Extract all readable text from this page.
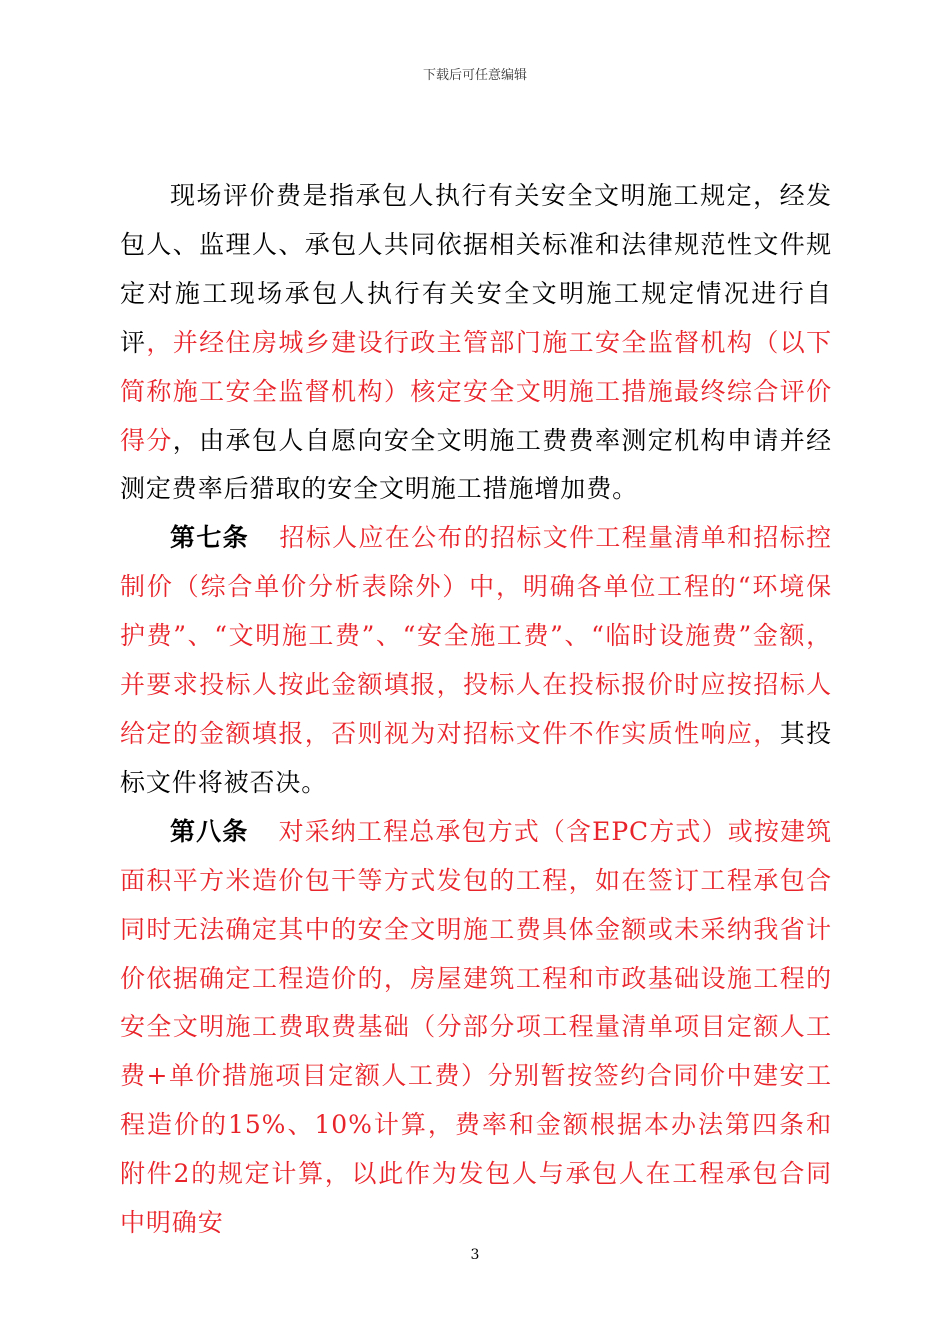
下载后可任意编辑

现场评价费是指承包人执行有关安全文明施工规定，经发包人、监理人、承包人共同依据相关标准和法律规范性文件规定对施工现场承包人执行有关安全文明施工规定情况进行自评，并经住房城乡建设行政主管部门施工安全监督机构（以下简称施工安全监督机构）核定安全文明施工措施最终综合评价得分，由承包人自愿向安全文明施工费费率测定机构申请并经测定费率后猎取的安全文明施工措施增加费。

第七条 招标人应在公布的招标文件工程量清单和招标控制价（综合单价分析表除外）中，明确各单位工程的“环境保护费”、“文明施工费”、“安全施工费”、“临时设施费”金额，并要求投标人按此金额填报，投标人在投标报价时应按招标人给定的金额填报，否则视为对招标文件不作实质性响应，其投标文件将被否决。

第八条 对采纳工程总承包方式（含EPC方式）或按建筑面积平方米造价包干等方式发包的工程，如在签订工程承包合同时无法确定其中的安全文明施工费具体金额或未采纳我省计价依据确定工程造价的，房屋建筑工程和市政基础设施工程的安全文明施工费取费基础（分部分项工程量清单项目定额人工费+单价措施项目定额人工费）分别暂按签约合同价中建安工程造价的15%、10%计算，费率和金额根据本办法第四条和附件2的规定计算，以此作为发包人与承包人在工程承包合同中明确安

3
